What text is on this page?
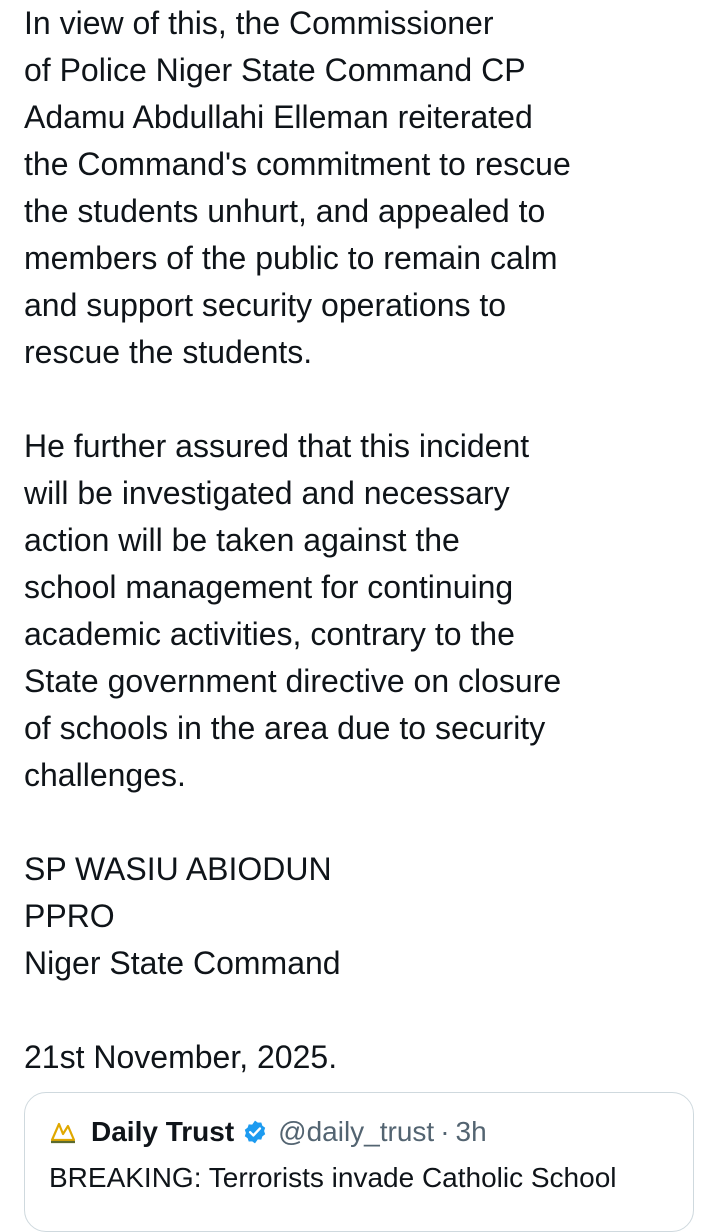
In view of this, the Commissioner
of Police Niger State Command CP
Adamu Abdullahi Elleman reiterated
the Command's commitment to rescue
the students unhurt, and appealed to
members of the public to remain calm
and support security operations to
rescue the students.

He further assured that this incident
will be investigated and necessary
action will be taken against the
school management for continuing
academic activities, contrary to the
State government directive on closure
of schools in the area due to security
challenges.

SP WASIU ABIODUN
PPRO
Niger State Command

21st November, 2025.

Daily Trust @daily_trust · 3h
BREAKING: Terrorists invade Catholic School
